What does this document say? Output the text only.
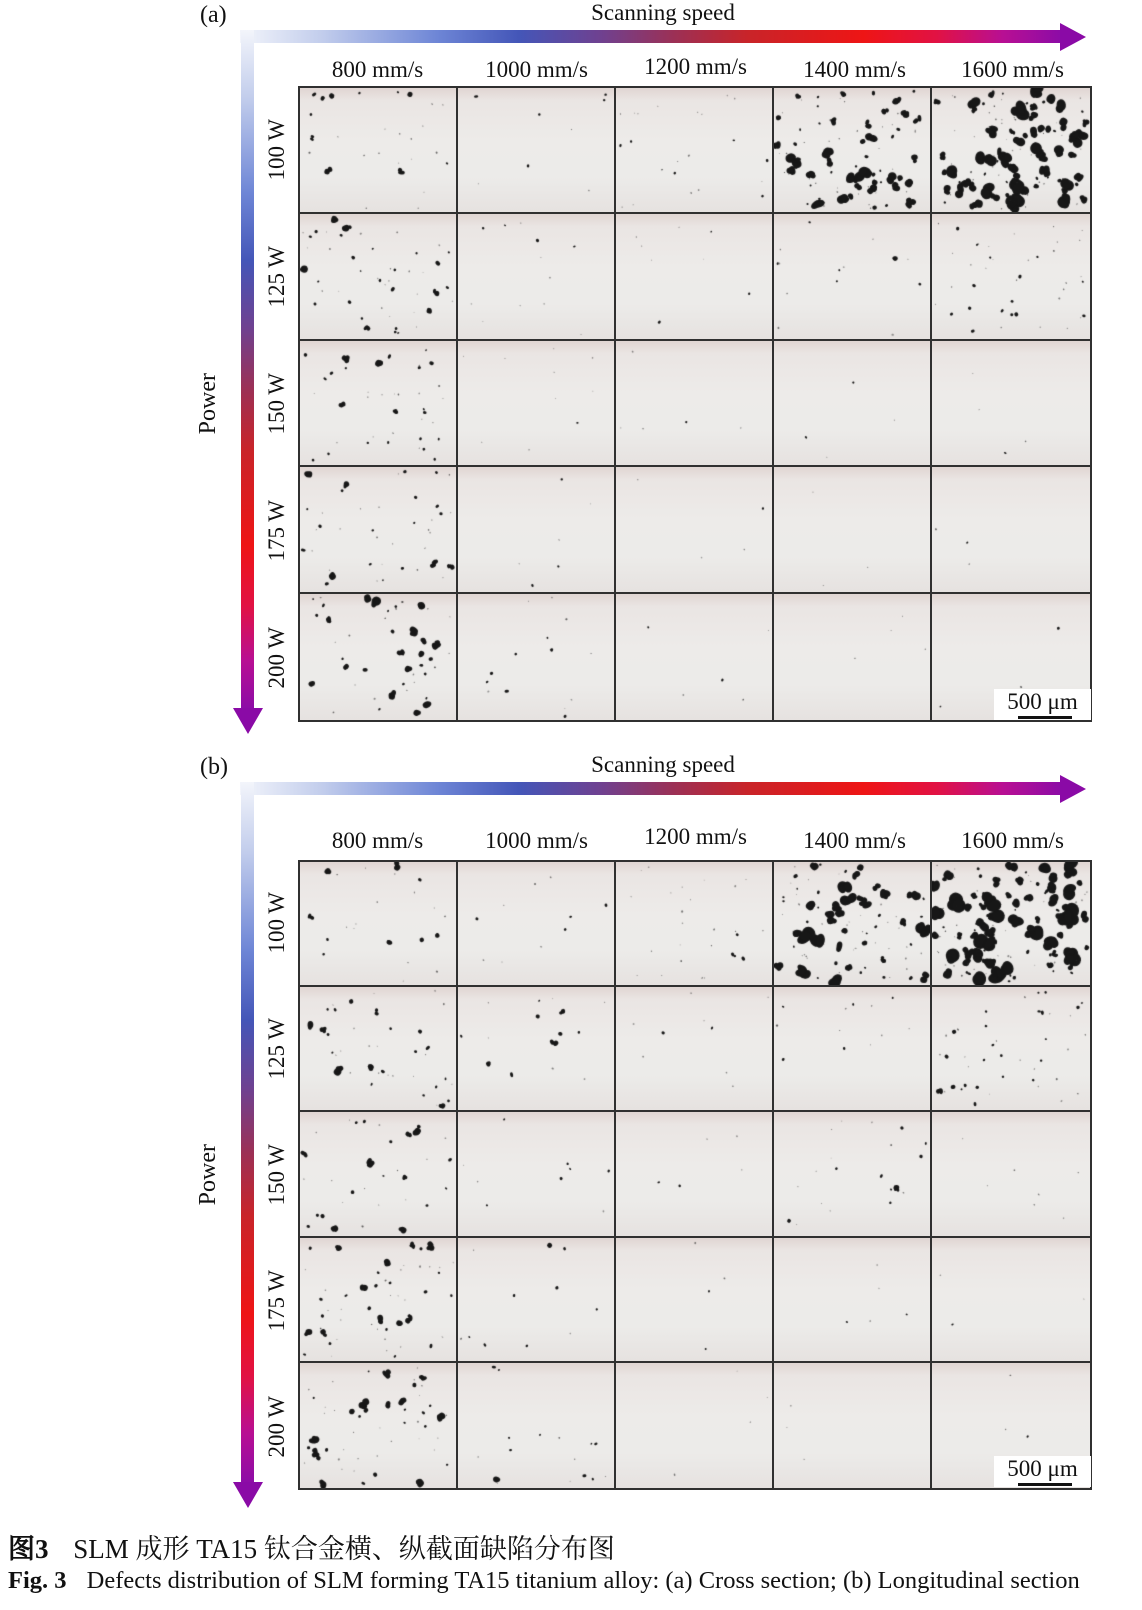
(a)	Scanning speed
800 mm/s	1000 mm/s	1200 mm/s	1400 mm/s	1600 mm/s
Power
100 W
125 W
150 W
175 W
200 W
500 μm
(b)	Scanning speed
800 mm/s	1000 mm/s	1200 mm/s	1400 mm/s	1600 mm/s
Power
100 W
125 W
150 W
175 W
200 W
500 μm
图3 SLM 成形 TA15 钛合金横、纵截面缺陷分布图
Fig. 3 Defects distribution of SLM forming TA15 titanium alloy: (a) Cross section; (b) Longitudinal section
